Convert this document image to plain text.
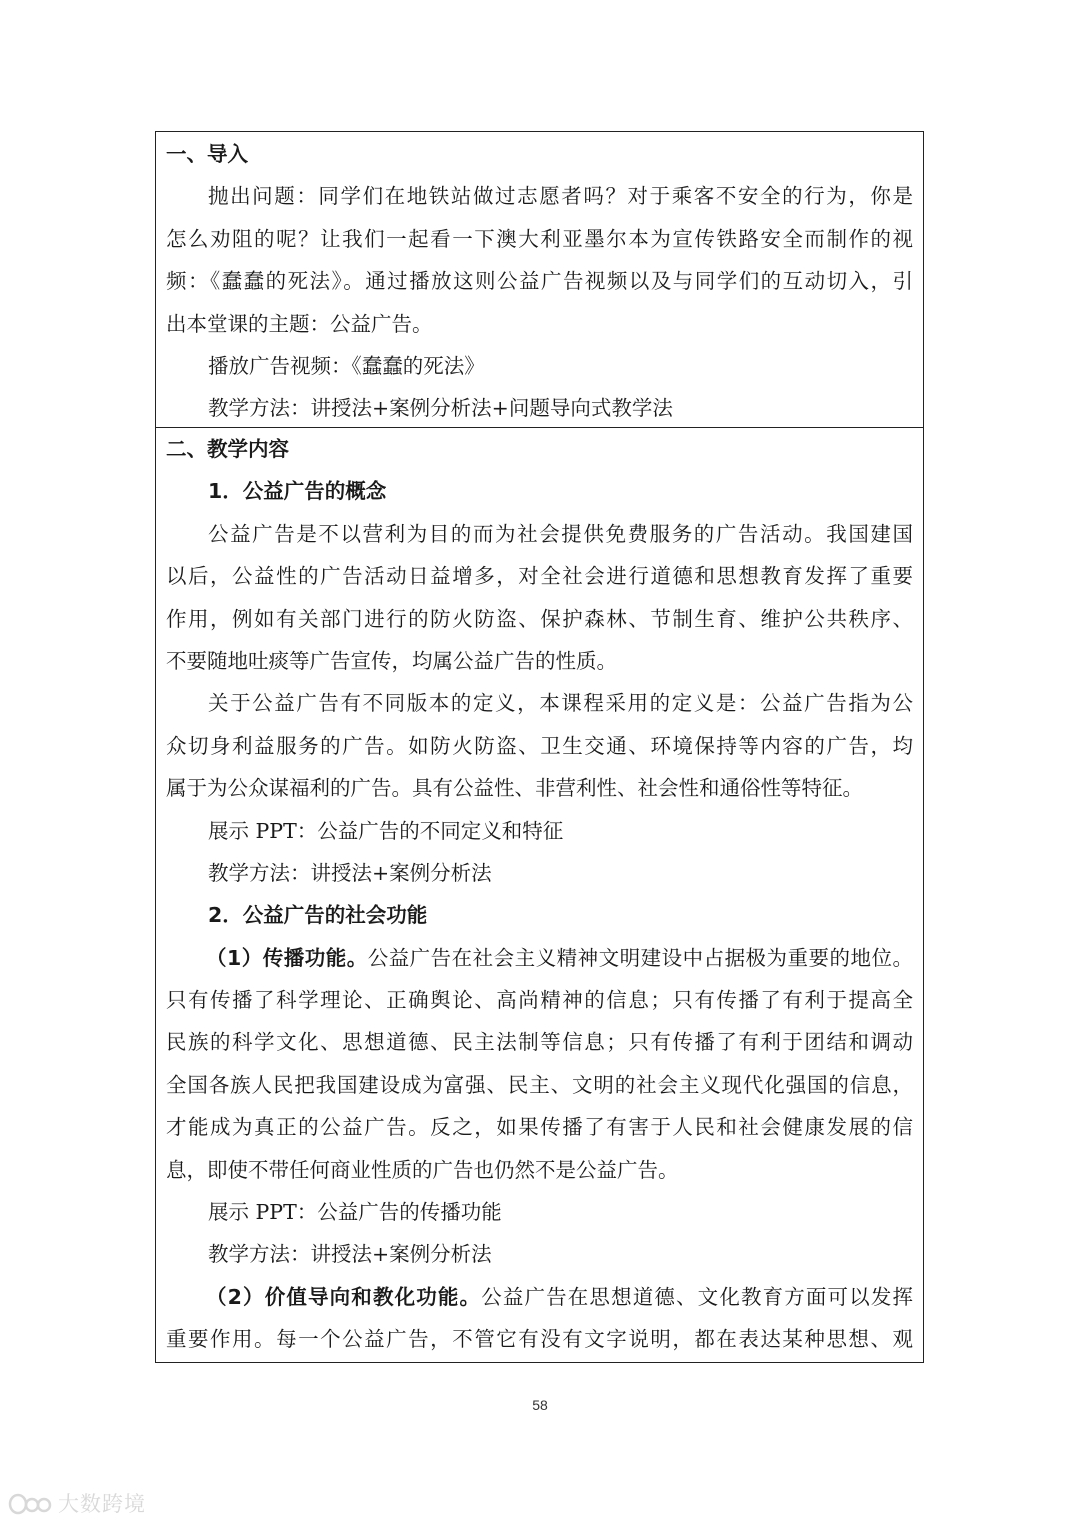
一、导入
抛出问题：同学们在地铁站做过志愿者吗？对于乘客不安全的行为，你是
怎么劝阻的呢？让我们一起看一下澳大利亚墨尔本为宣传铁路安全而制作的视
频：《蠢蠢的死法》。通过播放这则公益广告视频以及与同学们的互动切入，引
出本堂课的主题：公益广告。
播放广告视频：《蠢蠢的死法》
教学方法：讲授法+案例分析法+问题导向式教学法
二、教学内容
1．公益广告的概念
公益广告是不以营利为目的而为社会提供免费服务的广告活动。我国建国
以后，公益性的广告活动日益增多，对全社会进行道德和思想教育发挥了重要
作用，例如有关部门进行的防火防盗、保护森林、节制生育、维护公共秩序、
不要随地吐痰等广告宣传，均属公益广告的性质。
关于公益广告有不同版本的定义，本课程采用的定义是：公益广告指为公
众切身利益服务的广告。如防火防盗、卫生交通、环境保持等内容的广告，均
属于为公众谋福利的广告。具有公益性、非营利性、社会性和通俗性等特征。
展示 PPT：公益广告的不同定义和特征
教学方法：讲授法+案例分析法
2．公益广告的社会功能
（1）传播功能。公益广告在社会主义精神文明建设中占据极为重要的地位。
只有传播了科学理论、正确舆论、高尚精神的信息；只有传播了有利于提高全
民族的科学文化、思想道德、民主法制等信息；只有传播了有利于团结和调动
全国各族人民把我国建设成为富强、民主、文明的社会主义现代化强国的信息，
才能成为真正的公益广告。反之，如果传播了有害于人民和社会健康发展的信
息，即使不带任何商业性质的广告也仍然不是公益广告。
展示 PPT：公益广告的传播功能
教学方法：讲授法+案例分析法
（2）价值导向和教化功能。公益广告在思想道德、文化教育方面可以发挥
重要作用。每一个公益广告，不管它有没有文字说明，都在表达某种思想、观
58
大数跨境
